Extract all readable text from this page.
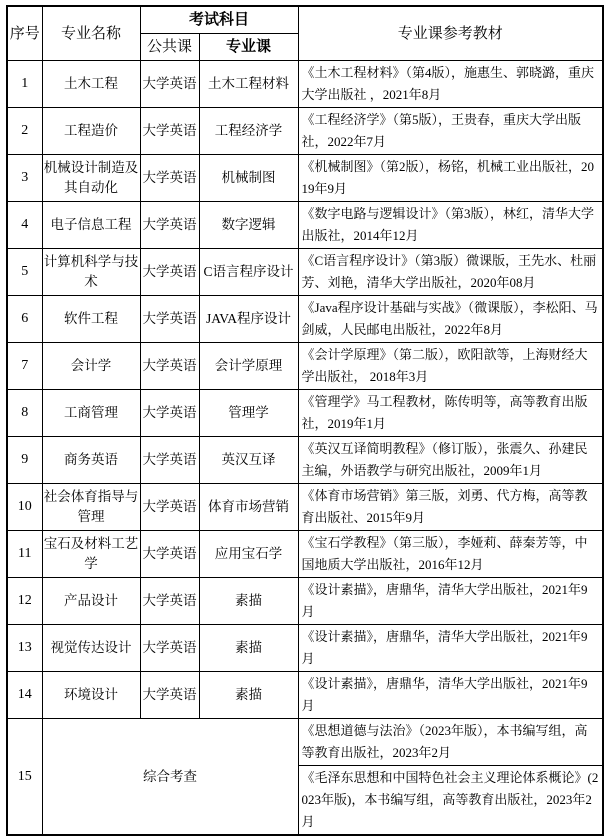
序号	专业名称	考试科目		专业课参考教材
		公共课	专业课	
1	土木工程	大学英语	土木工程材料	《土木工程材料》（第4版），施惠生、郭晓潞，重庆大学出版社 ，2021年8月
2	工程造价	大学英语	工程经济学	《工程经济学》（第5版），王贵春，重庆大学出版社，2022年7月
3	机械设计制造及其自动化	大学英语	机械制图	《机械制图》（第2版），杨铭，机械工业出版社，2019年9月
4	电子信息工程	大学英语	数字逻辑	《数字电路与逻辑设计》（第3版），林红，清华大学出版社，2014年12月
5	计算机科学与技术	大学英语	C语言程序设计	《C语言程序设计》（第3版）微课版，王先水、杜丽芳、刘艳，清华大学出版社，2020年08月
6	软件工程	大学英语	JAVA程序设计	《Java程序设计基础与实战》（微课版），李松阳、马剑威，人民邮电出版社，2022年8月
7	会计学	大学英语	会计学原理	《会计学原理》（第二版），欧阳歆等，上海财经大学出版社， 2018年3月
8	工商管理	大学英语	管理学	《管理学》马工程教材，陈传明等，高等教育出版社，2019年1月
9	商务英语	大学英语	英汉互译	《英汉互译简明教程》（修订版），张震久、孙建民主编，外语教学与研究出版社，2009年1月
10	社会体育指导与管理	大学英语	体育市场营销	《体育市场营销》第三版，刘勇、代方梅，高等教育出版社、2015年9月
11	宝石及材料工艺学	大学英语	应用宝石学	《宝石学教程》（第三版），李娅莉、薛秦芳等，中国地质大学出版社，2016年12月
12	产品设计	大学英语	素描	《设计素描》，唐鼎华，清华大学出版社，2021年9月
13	视觉传达设计	大学英语	素描	《设计素描》，唐鼎华，清华大学出版社，2021年9月
14	环境设计	大学英语	素描	《设计素描》，唐鼎华，清华大学出版社，2021年9月
15	综合考查			《思想道德与法治》（2023年版），本书编写组，高等教育出版社，2023年2月
				《毛泽东思想和中国特色社会主义理论体系概论》(2023年版)，本书编写组，高等教育出版社，2023年2月
